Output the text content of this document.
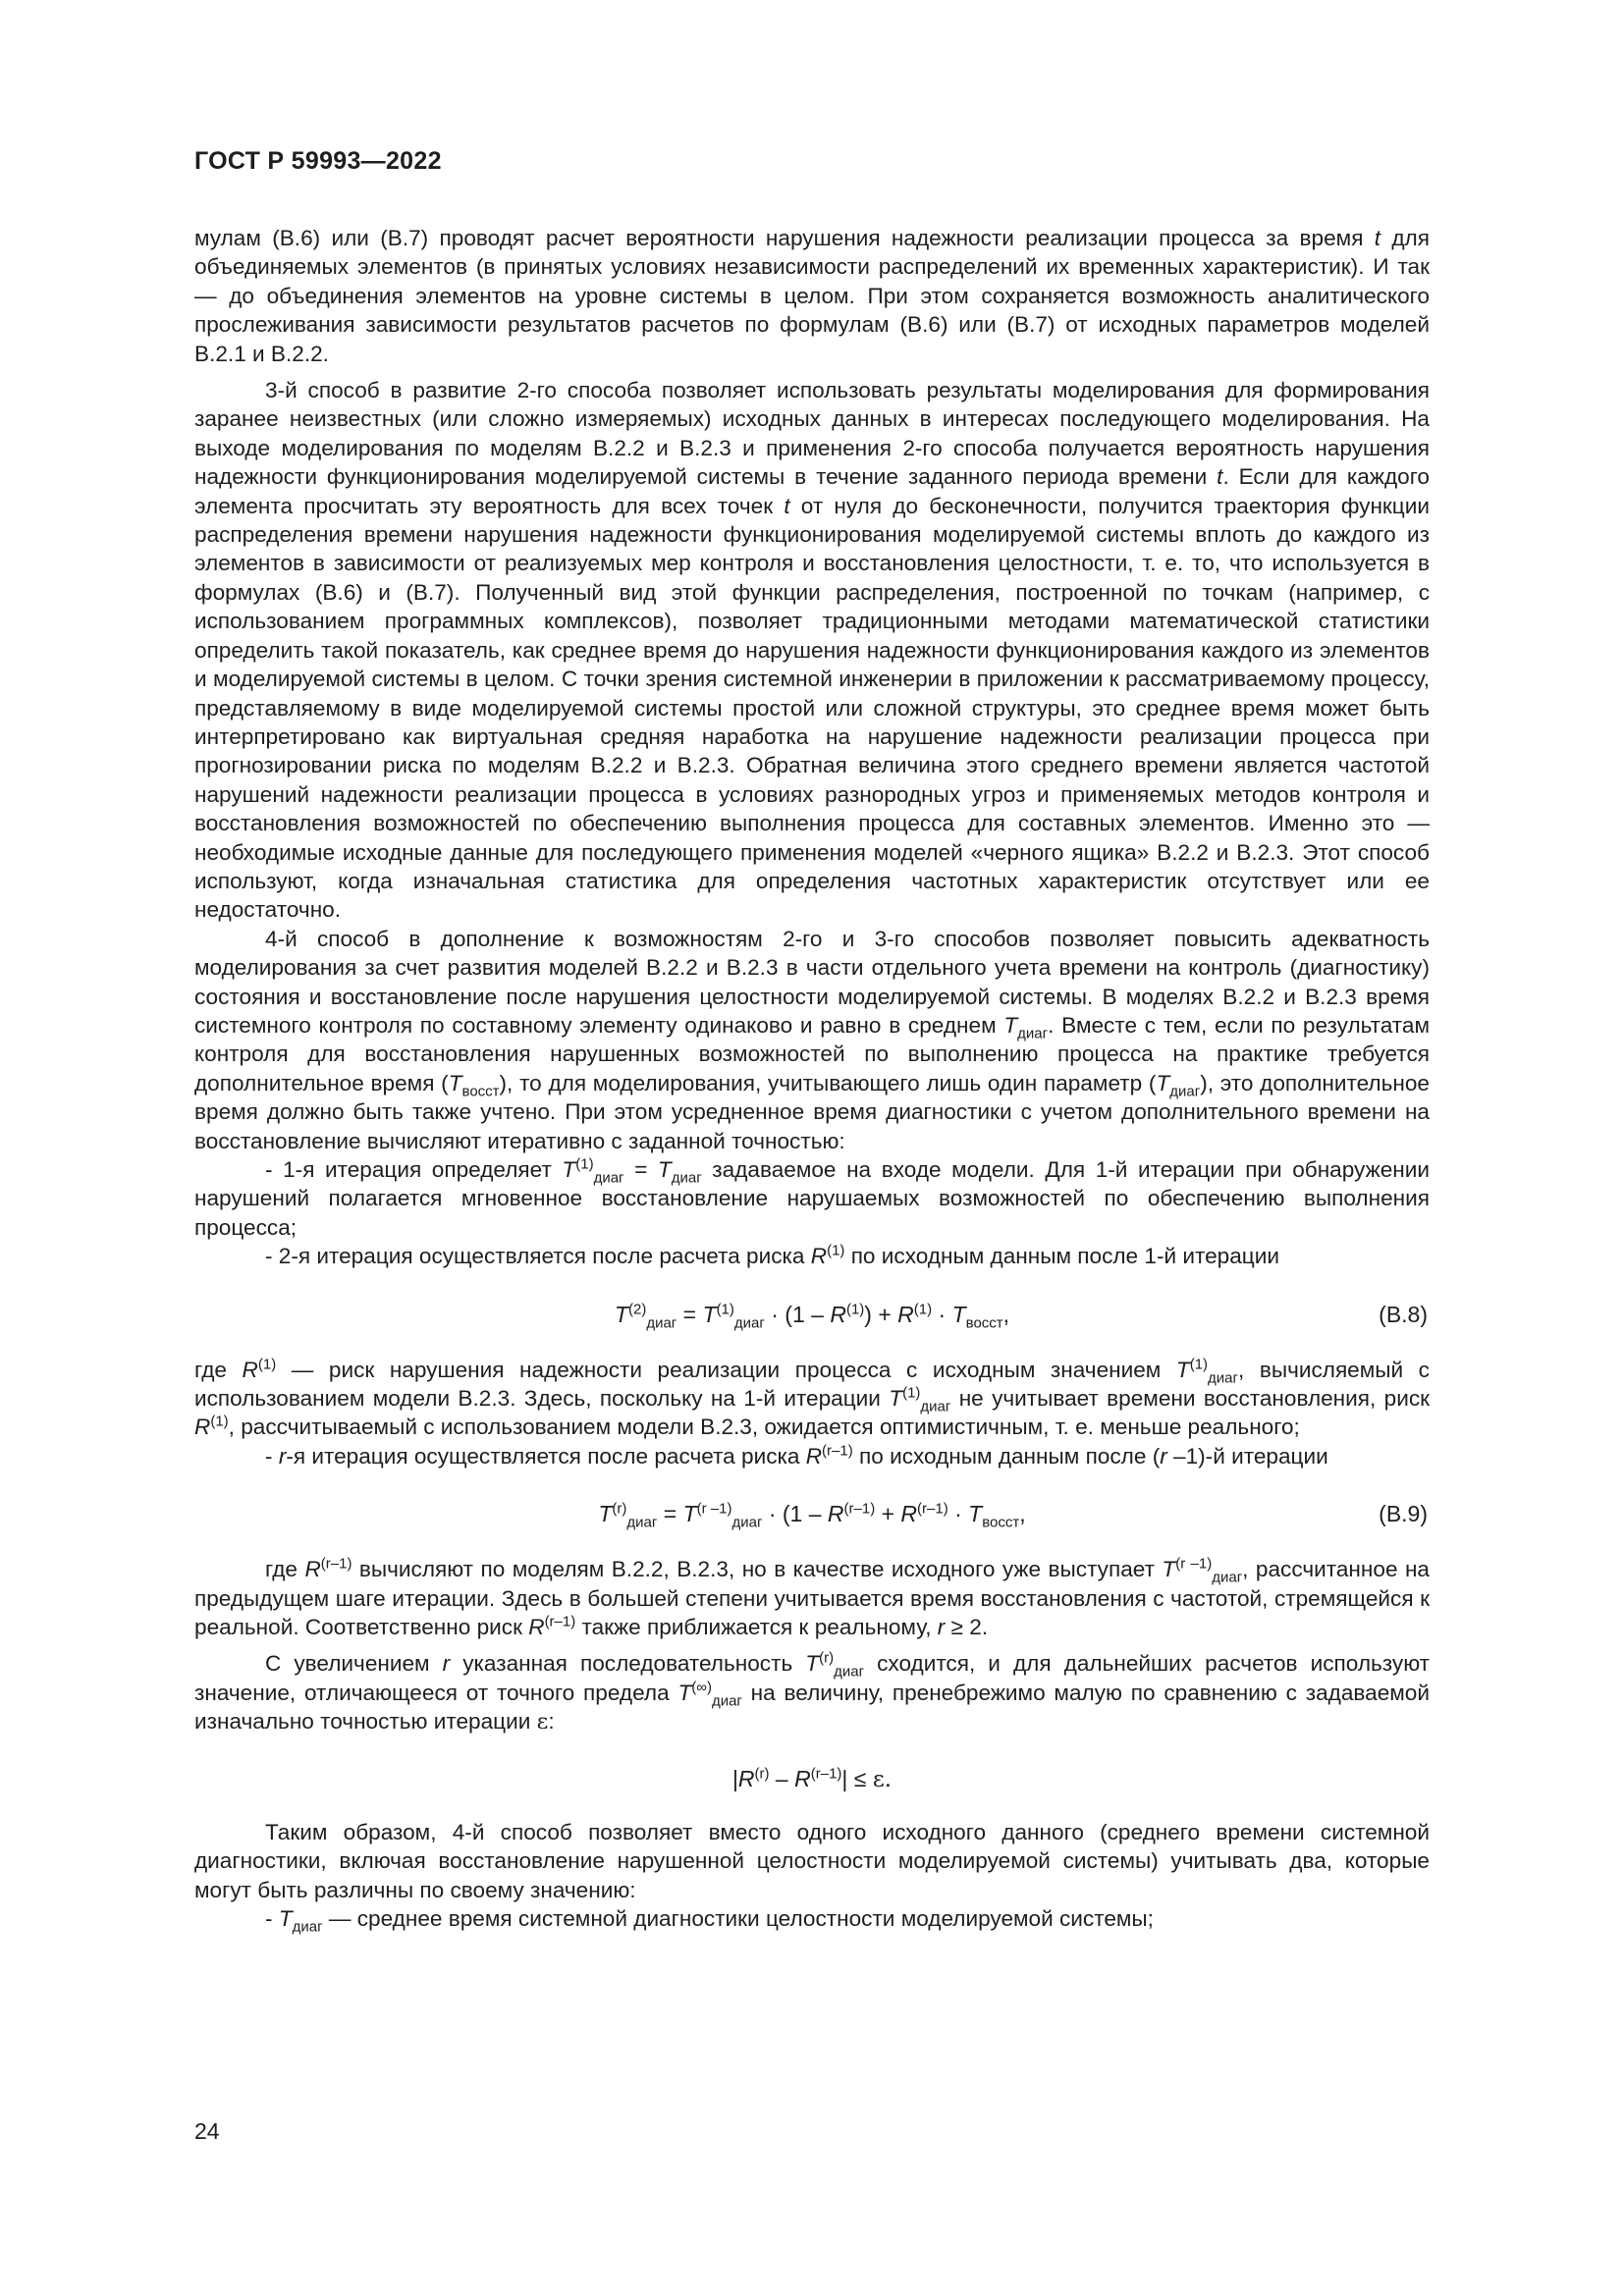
ГОСТ Р 59993—2022

мулам (В.6) или (В.7) проводят расчет вероятности нарушения надежности реализации процесса за время t для объединяемых элементов (в принятых условиях независимости распределений их временных характеристик). И так — до объединения элементов на уровне системы в целом. При этом сохраняется возможность аналитического прослеживания зависимости результатов расчетов по формулам (В.6) или (В.7) от исходных параметров моделей В.2.1 и В.2.2.

3-й способ в развитие 2-го способа позволяет использовать результаты моделирования для формирования заранее неизвестных (или сложно измеряемых) исходных данных в интересах последующего моделирования. На выходе моделирования по моделям В.2.2 и В.2.3 и применения 2-го способа получается вероятность нарушения надежности функционирования моделируемой системы в течение заданного периода времени t. Если для каждого элемента просчитать эту вероятность для всех точек t от нуля до бесконечности, получится траектория функции распределения времени нарушения надежности функционирования моделируемой системы вплоть до каждого из элементов в зависимости от реализуемых мер контроля и восстановления целостности, т. е. то, что используется в формулах (В.6) и (В.7). Полученный вид этой функции распределения, построенной по точкам (например, с использованием программных комплексов), позволяет традиционными методами математической статистики определить такой показатель, как среднее время до нарушения надежности функционирования каждого из элементов и моделируемой системы в целом. С точки зрения системной инженерии в приложении к рассматриваемому процессу, представляемому в виде моделируемой системы простой или сложной структуры, это среднее время может быть интерпретировано как виртуальная средняя наработка на нарушение надежности реализации процесса при прогнозировании риска по моделям В.2.2 и В.2.3. Обратная величина этого среднего времени является частотой нарушений надежности реализации процесса в условиях разнородных угроз и применяемых методов контроля и восстановления возможностей по обеспечению выполнения процесса для составных элементов. Именно это — необходимые исходные данные для последующего применения моделей «черного ящика» В.2.2 и В.2.3. Этот способ используют, когда изначальная статистика для определения частотных характеристик отсутствует или ее недостаточно.

4-й способ в дополнение к возможностям 2-го и 3-го способов позволяет повысить адекватность моделирования за счет развития моделей В.2.2 и В.2.3 в части отдельного учета времени на контроль (диагностику) состояния и восстановление после нарушения целостности моделируемой системы. В моделях В.2.2 и В.2.3 время системного контроля по составному элементу одинаково и равно в среднем $T_{диаг}$. Вместе с тем, если по результатам контроля для восстановления нарушенных возможностей по выполнению процесса на практике требуется дополнительное время $(T_{восст})$, то для моделирования, учитывающего лишь один параметр $(T_{диаг})$, это дополнительное время должно быть также учтено. При этом усредненное время диагностики с учетом дополнительного времени на восстановление вычисляют итеративно с заданной точностью:

- 1-я итерация определяет $T^{(1)}_{диаг} = T_{диаг}$ задаваемое на входе модели. Для 1-й итерации при обнаружении нарушений полагается мгновенное восстановление нарушаемых возможностей по обеспечению выполнения процесса;

- 2-я итерация осуществляется после расчета риска $R^{(1)}$ по исходным данным после 1-й итерации

$T^{(2)}_{диаг} = T^{(1)}_{диаг} \cdot (1 - R^{(1)}) + R^{(1)} \cdot T_{восст}$,	(В.8)

где $R^{(1)}$ — риск нарушения надежности реализации процесса с исходным значением $T^{(1)}_{диаг}$, вычисляемый с использованием модели В.2.3. Здесь, поскольку на 1-й итерации $T^{(1)}_{диаг}$ не учитывает времени восстановления, риск $R^{(1)}$, рассчитываемый с использованием модели В.2.3, ожидается оптимистичным, т. е. меньше реального;

- r-я итерация осуществляется после расчета риска $R^{(r-1)}$ по исходным данным после (r –1)-й итерации

$T^{(r)}_{диаг} = T^{(r -1)}_{диаг} \cdot (1 - R^{(r-1)} + R^{(r-1)} \cdot T_{восст}$,	(В.9)

где $R^{(r-1)}$ вычисляют по моделям В.2.2, В.2.3, но в качестве исходного уже выступает $T^{(r -1)}_{диаг}$, рассчитанное на предыдущем шаге итерации. Здесь в большей степени учитывается время восстановления с частотой, стремящейся к реальной. Соответственно риск $R^{(r-1)}$ также приближается к реальному, r ≥ 2.

С увеличением r указанная последовательность $T^{(r)}_{диаг}$ сходится, и для дальнейших расчетов используют значение, отличающееся от точного предела $T^{(\infty)}_{диаг}$ на величину, пренебрежимо малую по сравнению с задаваемой изначально точностью итерации ε:

$|R^{(r)} - R^{(r-1)}| \le \varepsilon$.

Таким образом, 4-й способ позволяет вместо одного исходного данного (среднего времени системной диагностики, включая восстановление нарушенной целостности моделируемой системы) учитывать два, которые могут быть различны по своему значению:

- $T_{диаг}$ — среднее время системной диагностики целостности моделируемой системы;

24
